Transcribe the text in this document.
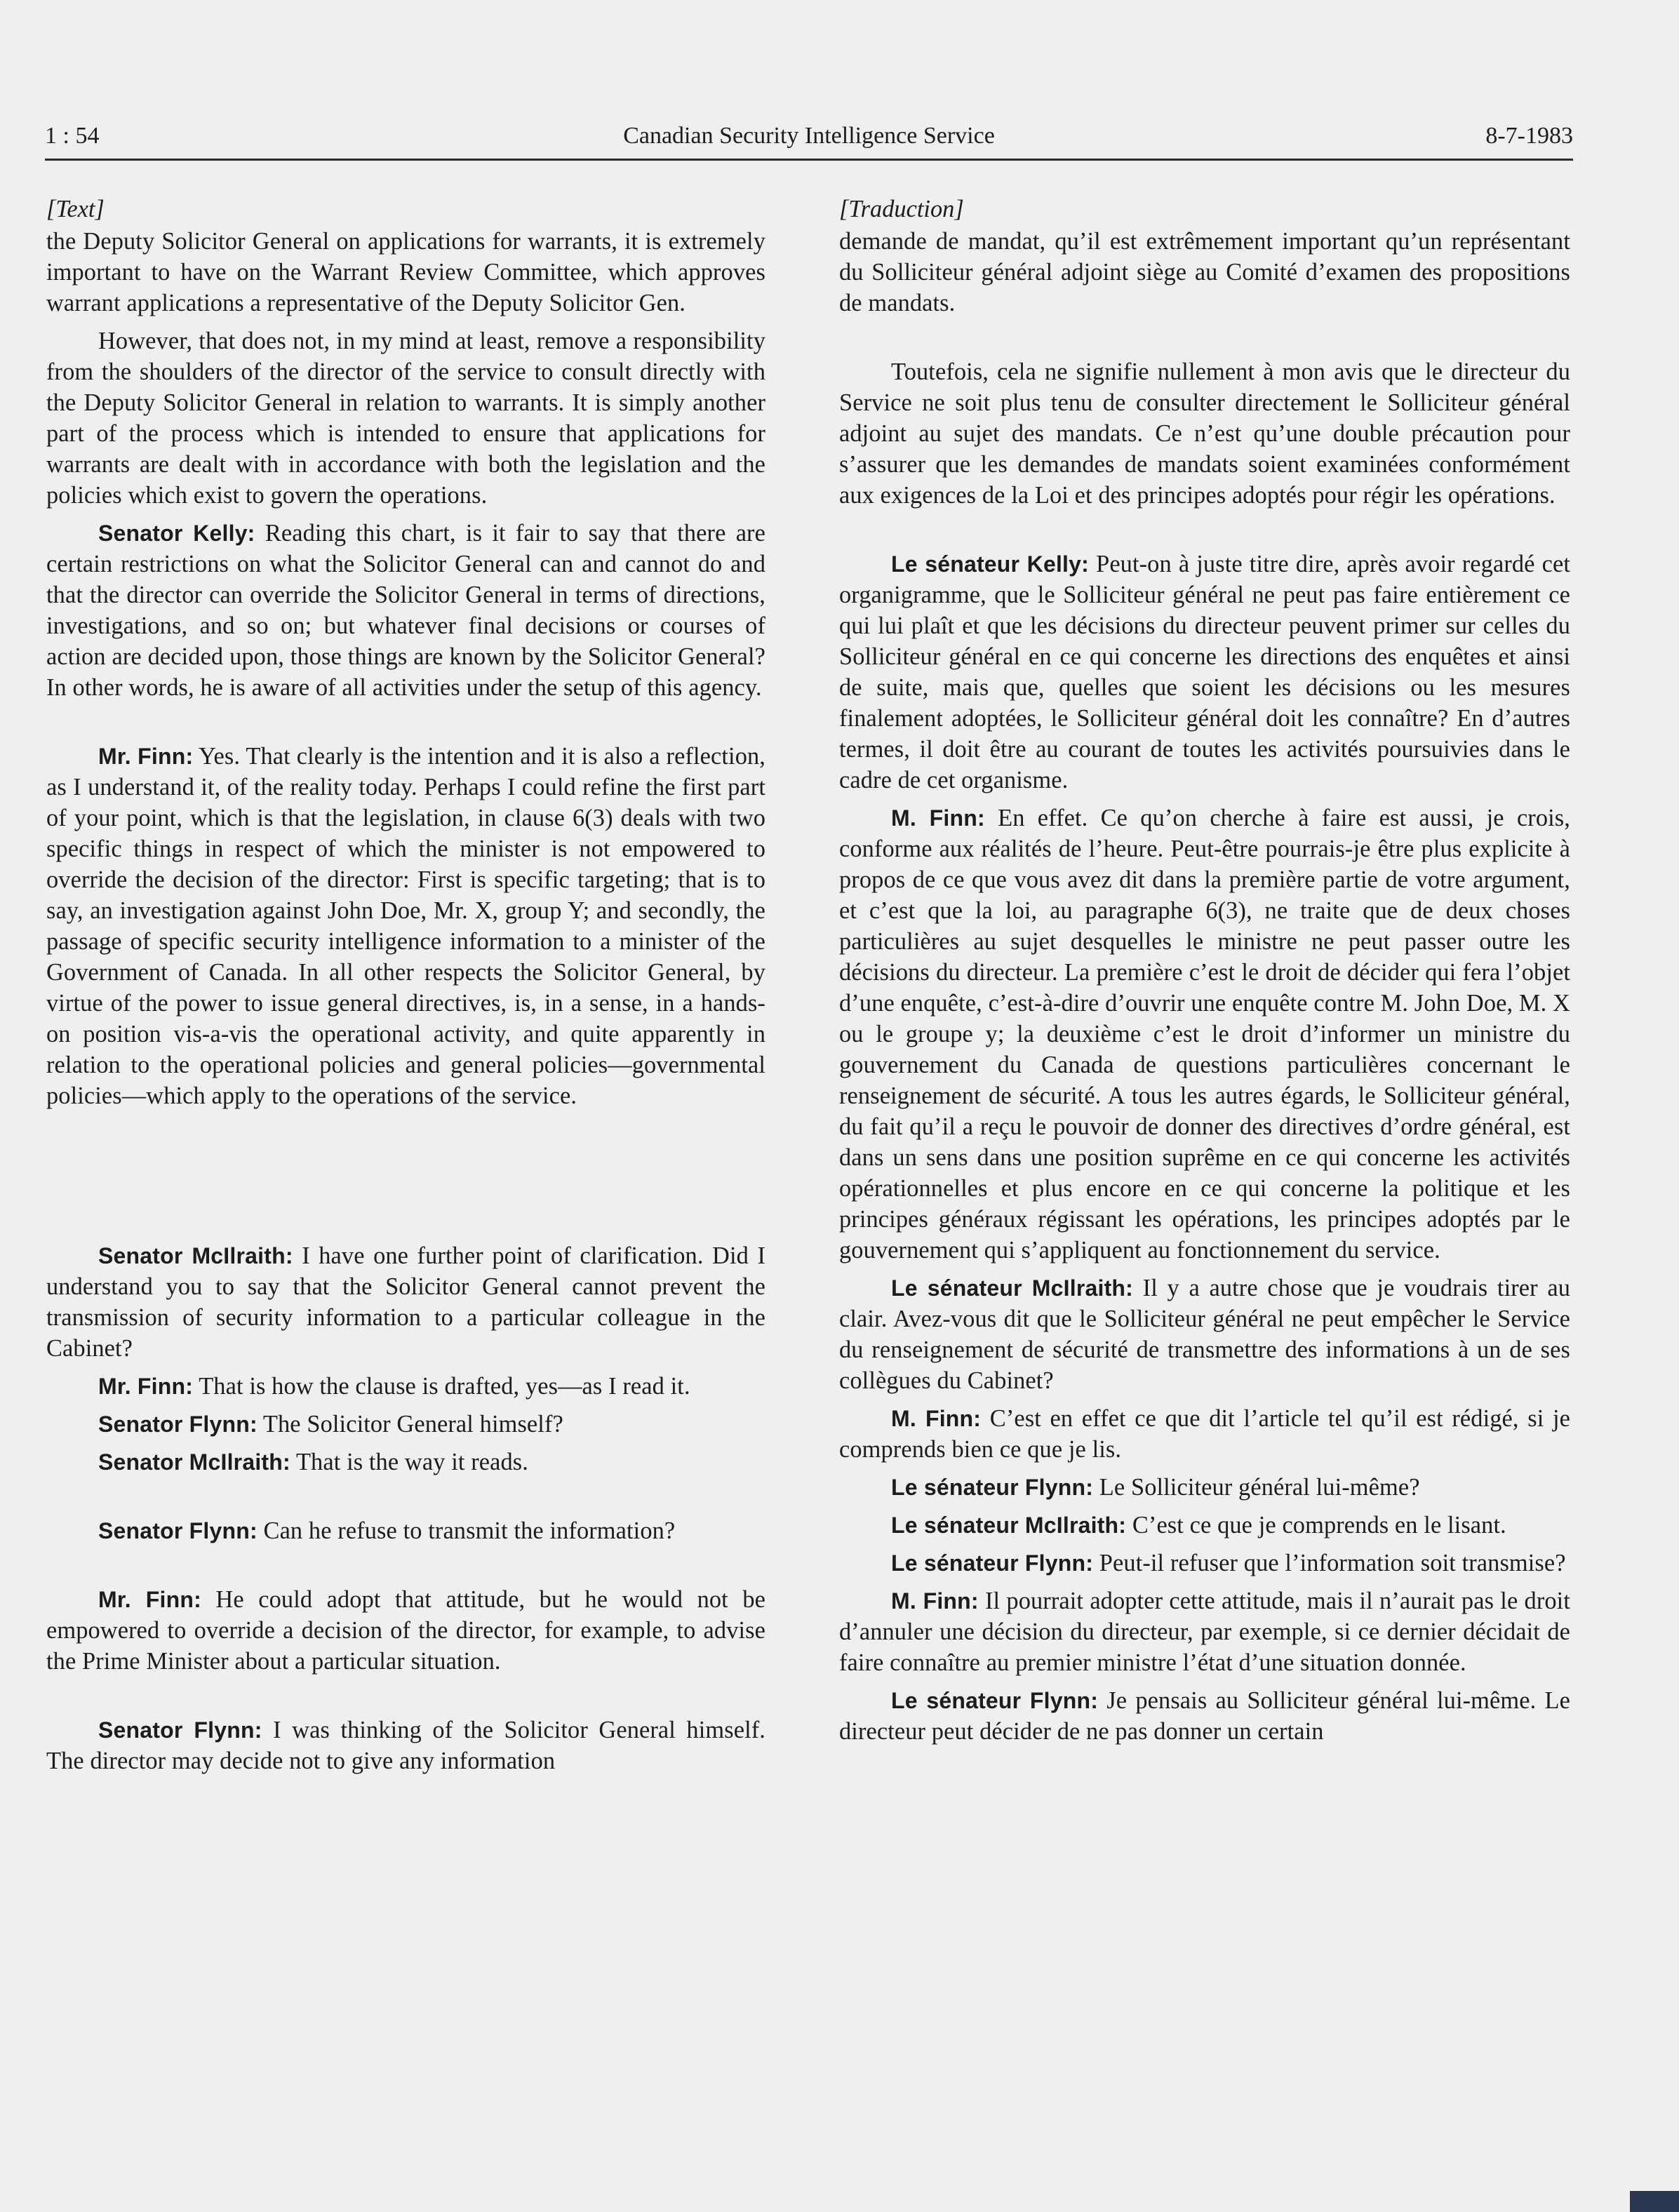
1 : 54	Canadian Security Intelligence Service	8-7-1983
[Text]

the Deputy Solicitor General on applications for warrants, it is extremely important to have on the Warrant Review Committee, which approves warrant applications a representative of the Deputy Solicitor Gen.

However, that does not, in my mind at least, remove a responsibility from the shoulders of the director of the service to consult directly with the Deputy Solicitor General in relation to warrants. It is simply another part of the process which is intended to ensure that applications for warrants are dealt with in accordance with both the legislation and the policies which exist to govern the operations.

Senator Kelly: Reading this chart, is it fair to say that there are certain restrictions on what the Solicitor General can and cannot do and that the director can override the Solicitor General in terms of directions, investigations, and so on; but whatever final decisions or courses of action are decided upon, those things are known by the Solicitor General? In other words, he is aware of all activities under the setup of this agency.

Mr. Finn: Yes. That clearly is the intention and it is also a reflection, as I understand it, of the reality today. Perhaps I could refine the first part of your point, which is that the legislation, in clause 6(3) deals with two specific things in respect of which the minister is not empowered to override the decision of the director: First is specific targeting; that is to say, an investigation against John Doe, Mr. X, group Y; and secondly, the passage of specific security intelligence information to a minister of the Government of Canada. In all other respects the Solicitor General, by virtue of the power to issue general directives, is, in a sense, in a hands-on position vis-a-vis the operational activity, and quite apparently in relation to the operational policies and general policies—governmental policies—which apply to the operations of the service.

Senator McIlraith: I have one further point of clarification. Did I understand you to say that the Solicitor General cannot prevent the transmission of security information to a particular colleague in the Cabinet?

Mr. Finn: That is how the clause is drafted, yes—as I read it.

Senator Flynn: The Solicitor General himself?

Senator McIlraith: That is the way it reads.

Senator Flynn: Can he refuse to transmit the information?

Mr. Finn: He could adopt that attitude, but he would not be empowered to override a decision of the director, for example, to advise the Prime Minister about a particular situation.

Senator Flynn: I was thinking of the Solicitor General himself. The director may decide not to give any information

[Traduction]

demande de mandat, qu’il est extrêmement important qu’un représentant du Solliciteur général adjoint siège au Comité d’examen des propositions de mandats.

Toutefois, cela ne signifie nullement à mon avis que le directeur du Service ne soit plus tenu de consulter directement le Solliciteur général adjoint au sujet des mandats. Ce n’est qu’une double précaution pour s’assurer que les demandes de mandats soient examinées conformément aux exigences de la Loi et des principes adoptés pour régir les opérations.

Le sénateur Kelly: Peut-on à juste titre dire, après avoir regardé cet organigramme, que le Solliciteur général ne peut pas faire entièrement ce qui lui plaît et que les décisions du directeur peuvent primer sur celles du Solliciteur général en ce qui concerne les directions des enquêtes et ainsi de suite, mais que, quelles que soient les décisions ou les mesures finalement adoptées, le Solliciteur général doit les connaître? En d’autres termes, il doit être au courant de toutes les activités poursuivies dans le cadre de cet organisme.

M. Finn: En effet. Ce qu’on cherche à faire est aussi, je crois, conforme aux réalités de l’heure. Peut-être pourrais-je être plus explicite à propos de ce que vous avez dit dans la première partie de votre argument, et c’est que la loi, au paragraphe 6(3), ne traite que de deux choses particulières au sujet desquelles le ministre ne peut passer outre les décisions du directeur. La première c’est le droit de décider qui fera l’objet d’une enquête, c’est-à-dire d’ouvrir une enquête contre M. John Doe, M. X ou le groupe y; la deuxième c’est le droit d’informer un ministre du gouvernement du Canada de questions particulières concernant le renseignement de sécurité. A tous les autres égards, le Solliciteur général, du fait qu’il a reçu le pouvoir de donner des directives d’ordre général, est dans un sens dans une position suprême en ce qui concerne les activités opérationnelles et plus encore en ce qui concerne la politique et les principes généraux régissant les opérations, les principes adoptés par le gouvernement qui s’appliquent au fonctionnement du service.

Le sénateur McIlraith: Il y a autre chose que je voudrais tirer au clair. Avez-vous dit que le Solliciteur général ne peut empêcher le Service du renseignement de sécurité de transmettre des informations à un de ses collègues du Cabinet?

M. Finn: C’est en effet ce que dit l’article tel qu’il est rédigé, si je comprends bien ce que je lis.

Le sénateur Flynn: Le Solliciteur général lui-même?

Le sénateur McIlraith: C’est ce que je comprends en le lisant.

Le sénateur Flynn: Peut-il refuser que l’information soit transmise?

M. Finn: Il pourrait adopter cette attitude, mais il n’aurait pas le droit d’annuler une décision du directeur, par exemple, si ce dernier décidait de faire connaître au premier ministre l’état d’une situation donnée.

Le sénateur Flynn: Je pensais au Solliciteur général lui-même. Le directeur peut décider de ne pas donner un certain
